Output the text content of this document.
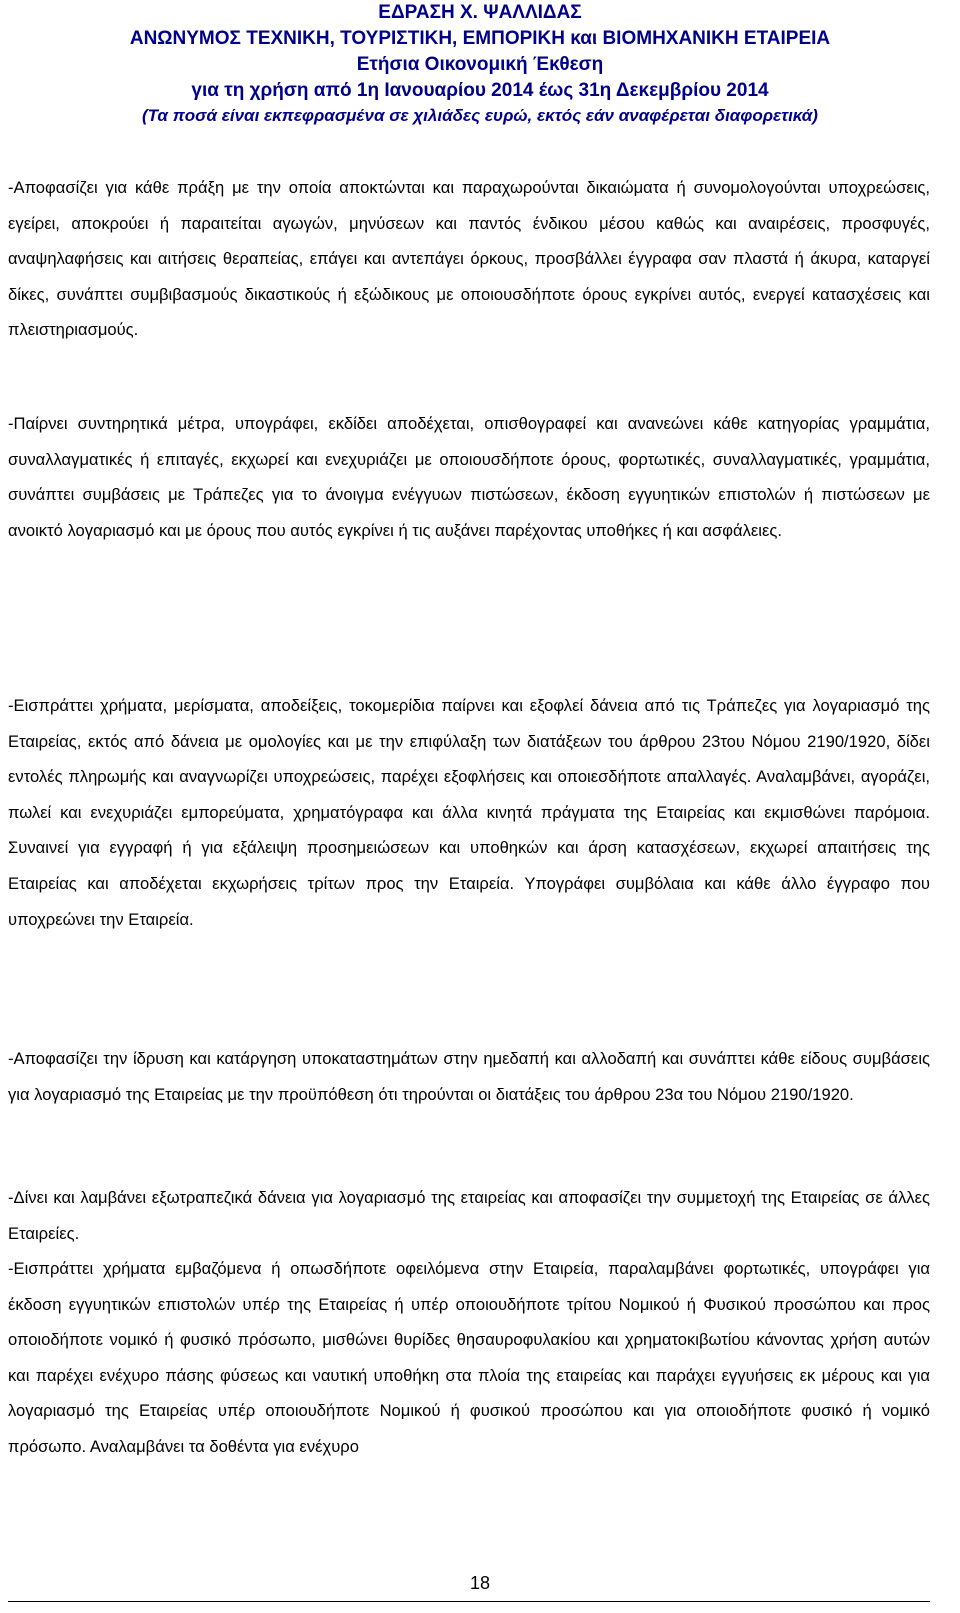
ΕΔΡΑΣΗ Χ. ΨΑΛΛΙΔΑΣ
ΑΝΩΝΥΜΟΣ ΤΕΧΝΙΚΗ, ΤΟΥΡΙΣΤΙΚΗ, ΕΜΠΟΡΙΚΗ και ΒΙΟΜΗΧΑΝΙΚΗ ΕΤΑΙΡΕΙΑ
Ετήσια Οικονομική Έκθεση
για τη χρήση από 1η Ιανουαρίου 2014 έως 31η Δεκεμβρίου 2014
(Τα ποσά είναι εκπεφρασμένα σε χιλιάδες ευρώ, εκτός εάν αναφέρεται διαφορετικά)

-Αποφασίζει για κάθε πράξη με την οποία αποκτώνται και παραχωρούνται δικαιώματα ή συνομολογούνται υποχρεώσεις, εγείρει, αποκρούει ή παραιτείται αγωγών, μηνύσεων και παντός ένδικου μέσου καθώς και αναιρέσεις, προσφυγές, αναψηλαφήσεις και αιτήσεις θεραπείας, επάγει και αντεπάγει όρκους, προσβάλλει έγγραφα σαν πλαστά ή άκυρα, καταργεί δίκες, συνάπτει συμβιβασμούς δικαστικούς ή εξώδικους με οποιουσδήποτε όρους εγκρίνει αυτός, ενεργεί κατασχέσεις και πλειστηριασμούς.

-Παίρνει συντηρητικά μέτρα, υπογράφει, εκδίδει αποδέχεται, οπισθογραφεί και ανανεώνει κάθε κατηγορίας γραμμάτια, συναλλαγματικές ή επιταγές, εκχωρεί και ενεχυριάζει με οποιουσδήποτε όρους, φορτωτικές, συναλλαγματικές, γραμμάτια, συνάπτει συμβάσεις με Τράπεζες για το άνοιγμα ενέγγυων πιστώσεων, έκδοση εγγυητικών επιστολών ή πιστώσεων με ανοικτό λογαριασμό και με όρους που αυτός εγκρίνει ή τις αυξάνει παρέχοντας υποθήκες ή και ασφάλειες.

-Εισπράττει χρήματα, μερίσματα, αποδείξεις, τοκομερίδια παίρνει και εξοφλεί δάνεια από τις Τράπεζες για λογαριασμό της Εταιρείας, εκτός από δάνεια με ομολογίες και με την επιφύλαξη των διατάξεων του άρθρου 23του Νόμου 2190/1920, δίδει εντολές πληρωμής και αναγνωρίζει υποχρεώσεις, παρέχει εξοφλήσεις και οποιεσδήποτε απαλλαγές. Αναλαμβάνει, αγοράζει, πωλεί και ενεχυριάζει εμπορεύματα, χρηματόγραφα και άλλα κινητά πράγματα της Εταιρείας και εκμισθώνει παρόμοια. Συναινεί για εγγραφή ή για εξάλειψη προσημειώσεων και υποθηκών και άρση κατασχέσεων, εκχωρεί απαιτήσεις της Εταιρείας και αποδέχεται εκχωρήσεις τρίτων προς την Εταιρεία. Υπογράφει συμβόλαια και κάθε άλλο έγγραφο που υποχρεώνει την Εταιρεία.

-Αποφασίζει την ίδρυση και κατάργηση υποκαταστημάτων στην ημεδαπή και αλλοδαπή και συνάπτει κάθε είδους συμβάσεις για λογαριασμό της Εταιρείας με την προϋπόθεση ότι τηρούνται οι διατάξεις του άρθρου 23α του Νόμου 2190/1920.

-Δίνει και λαμβάνει εξωτραπεζικά δάνεια για λογαριασμό της εταιρείας και αποφασίζει την συμμετοχή της Εταιρείας σε άλλες Εταιρείες.

-Εισπράττει χρήματα εμβαζόμενα ή οπωσδήποτε οφειλόμενα στην Εταιρεία, παραλαμβάνει φορτωτικές, υπογράφει για έκδοση εγγυητικών επιστολών υπέρ της Εταιρείας ή υπέρ οποιουδήποτε τρίτου Νομικού ή Φυσικού προσώπου και προς οποιοδήποτε νομικό ή φυσικό πρόσωπο, μισθώνει θυρίδες θησαυροφυλακίου και χρηματοκιβωτίου κάνοντας χρήση αυτών και παρέχει ενέχυρο πάσης φύσεως και ναυτική υποθήκη στα πλοία της εταιρείας και παράχει εγγυήσεις εκ μέρους και για λογαριασμό της Εταιρείας υπέρ οποιουδήποτε Νομικού ή φυσικού προσώπου και για οποιοδήποτε φυσικό ή νομικό πρόσωπο. Αναλαμβάνει τα δοθέντα για ενέχυρο

18
